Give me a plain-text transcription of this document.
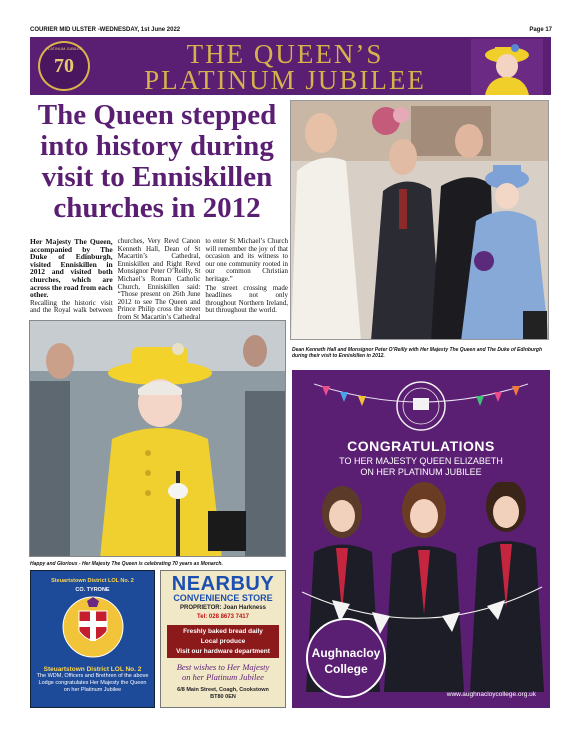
COURIER MID ULSTER -WEDNESDAY, 1st June 2022	Page 17
PLATINUM JUBILEE
70	THE QUEEN’S
PLATINUM JUBILEE
The Queen stepped into history during visit to Enniskillen churches in 2012

Her Majesty The Queen, accompanied by The Duke of Edinburgh, visited Enniskillen in 2012 and visited both churches, which are across the road from each other.

Recalling the historic visit and the Royal walk between churches, Very Revd Canon Kenneth Hall, Dean of St Macartin’s Cathedral, Enniskillen and Right Revd Monsignor Peter O’Reilly, St Michael’s Roman Catholic Church, Enniskillen said: “Those present on 26th June 2012 to see The Queen and Prince Philip cross the street from St Macartin’s Cathedral to enter St Michael’s Church will remember the joy of that occasion and its witness to our one community rooted in our common Christian heritage.”

The street crossing made headlines not only throughout Northern Ireland, but throughout the world.

Dean Kenneth Hall and Monsignor Peter O’Reilly with Her Majesty The Queen and The Duke of Edinburgh during their visit to Enniskillen in 2012.

Happy and Glorious - Her Majesty The Queen is celebrating 70 years as Monarch.

CONGRATULATIONS
TO HER MAJESTY QUEEN ELIZABETH
ON HER PLATINUM JUBILEE
Aughnacloy
College
www.aughnacloycollege.org.uk
Steuartstown District LOL No. 2
CO. TYRONE
Steuartstown District LOL No. 2
The WDM, Officers and Brethren of the above Lodge congratulates Her Majesty the Queen on her Platinum Jubilee
NEARBUY
CONVENIENCE STORE
PROPRIETOR: Joan Harkness
Tel: 028 8673 7417
Freshly baked bread daily
Local produce
Visit our hardware department
Best wishes to Her Majesty
on her Platinum Jubilee
6/8 Main Street, Coagh, Cookstown
BT80 0EN
